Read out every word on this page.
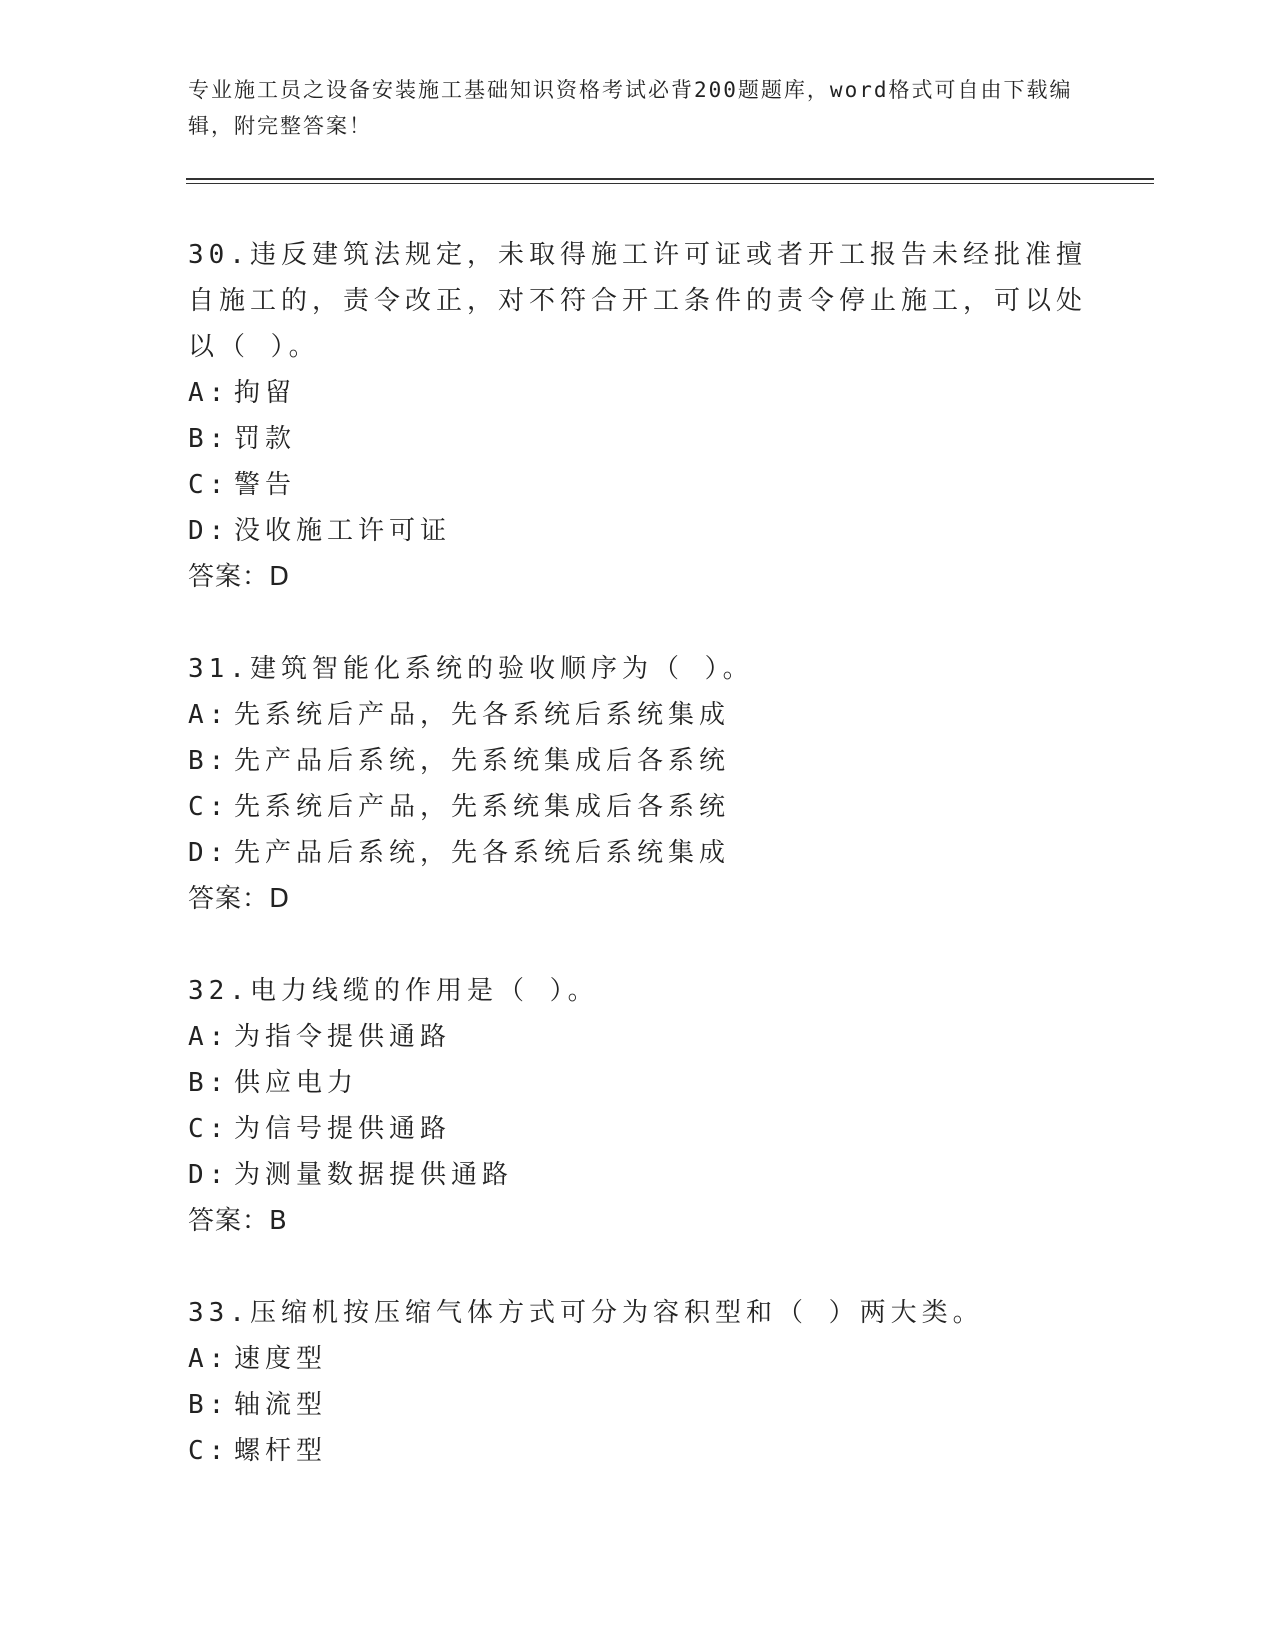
专业施工员之设备安装施工基础知识资格考试必背200题题库，word格式可自由下载编辑，附完整答案！

30.违反建筑法规定，未取得施工许可证或者开工报告未经批准擅自施工的，责令改正，对不符合开工条件的责令停止施工，可以处以（ ）。

A: 拘留

B: 罚款

C: 警告

D: 没收施工许可证

答案：D

31.建筑智能化系统的验收顺序为（ ）。

A: 先系统后产品，先各系统后系统集成

B: 先产品后系统，先系统集成后各系统

C: 先系统后产品，先系统集成后各系统

D: 先产品后系统，先各系统后系统集成

答案：D

32.电力线缆的作用是（ ）。

A: 为指令提供通路

B: 供应电力

C: 为信号提供通路

D: 为测量数据提供通路

答案：B

33.压缩机按压缩气体方式可分为容积型和（ ）两大类。

A: 速度型

B: 轴流型

C: 螺杆型
